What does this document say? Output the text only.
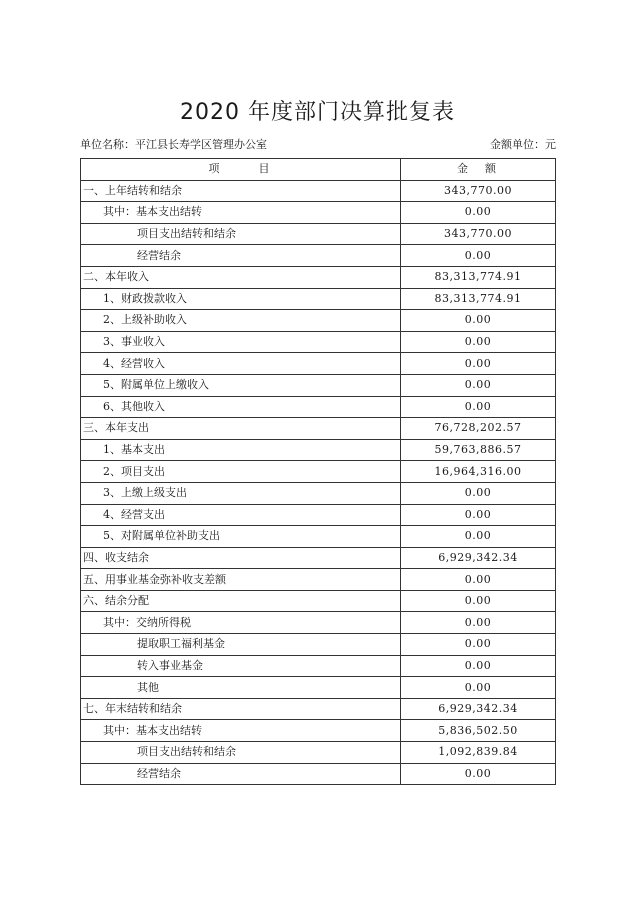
2020 年度部门决算批复表
单位名称：平江县长寿学区管理办公室	金额单位：元
项 目	金 额
一、上年结转和结余	343,770.00
其中：基本支出结转	0.00
项目支出结转和结余	343,770.00
经营结余	0.00
二、本年收入	83,313,774.91
1、财政拨款收入	83,313,774.91
2、上级补助收入	0.00
3、事业收入	0.00
4、经营收入	0.00
5、附属单位上缴收入	0.00
6、其他收入	0.00
三、本年支出	76,728,202.57
1、基本支出	59,763,886.57
2、项目支出	16,964,316.00
3、上缴上级支出	0.00
4、经营支出	0.00
5、对附属单位补助支出	0.00
四、收支结余	6,929,342.34
五、用事业基金弥补收支差额	0.00
六、结余分配	0.00
其中：交纳所得税	0.00
提取职工福利基金	0.00
转入事业基金	0.00
其他	0.00
七、年末结转和结余	6,929,342.34
其中：基本支出结转	5,836,502.50
项目支出结转和结余	1,092,839.84
经营结余	0.00
